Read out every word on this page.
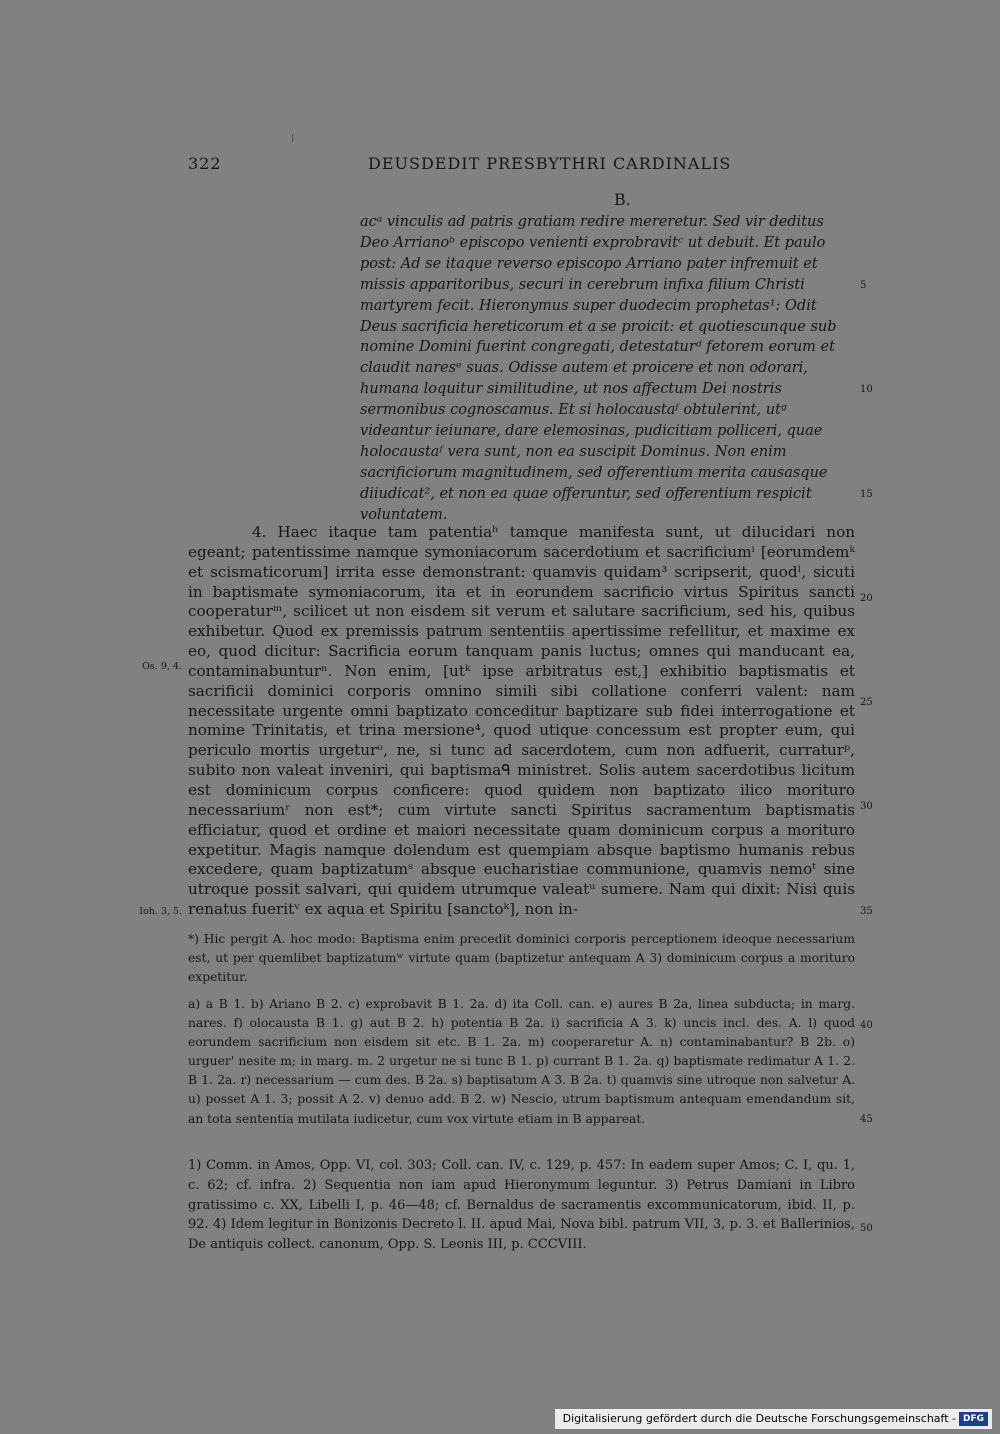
322	DEUSDEDIT PRESBYTHRI CARDINALIS
B.
acᵃ vinculis ad patris gratiam redire mereretur. Sed vir deditus Deo Arrianoᵇ episcopo venienti exprobravitᶜ ut debuit. Et paulo post: Ad se itaque reverso episcopo Arriano pater infremuit et missis apparitoribus, securi in cerebrum infixa filium Christi martyrem fecit. Hieronymus super duodecim prophetas¹: Odit Deus sacrificia hereticorum et a se proicit: et quotiescunque sub nomine Domini fuerint congregati, detestaturᵈ fetorem eorum et claudit naresᵉ suas. Odisse autem et proicere et non odorari, humana loquitur similitudine, ut nos affectum Dei nostris sermonibus cognoscamus. Et si holocaustaᶠ obtulerint, utᵍ videantur ieiunare, dare elemosinas, pudicitiam polliceri, quae holocaustaᶠ vera sunt, non ea suscipit Dominus. Non enim sacrificiorum magnitudinem, sed offerentium merita causasque diiudicat², et non ea quae offeruntur, sed offerentium respicit voluntatem.
5
10
15

4. Haec itaque tam patentiaʰ tamque manifesta sunt, ut dilucidari non egeant; patentissime namque symoniacorum sacerdotium et sacrificiumⁱ [eorumdemᵏ et scismaticorum] irrita esse demonstrant: quamvis quidam³ scripserit, quodˡ, sicuti in baptismate symoniacorum, ita et in eorundem sacrificio virtus Spiritus sancti cooperaturᵐ, scilicet ut non eisdem sit verum et salutare sacrificium, sed his, quibus exhibetur. Quod ex premissis patrum sententiis apertissime refellitur, et maxime ex eo, quod dicitur: Sacrificia eorum tanquam panis luctus; omnes qui manducant ea, contaminabunturⁿ. Non enim, [utᵏ ipse arbitratus est,] exhibitio baptismatis et sacrificii dominici corporis omnino simili sibi collatione conferri valent: nam necessitate urgente omni baptizato conceditur baptizare sub fidei interrogatione et nomine Trinitatis, et trina mersione⁴, quod utique concessum est propter eum, qui periculo mortis urgeturᵒ, ne, si tunc ad sacerdotem, cum non adfuerit, curraturᵖ, subito non valeat inveniri, qui baptismaᑫ ministret. Solis autem sacerdotibus licitum est dominicum corpus conficere: quod quidem non baptizato ilico morituro necessariumʳ non est*; cum virtute sancti Spiritus sacramentum baptismatis efficiatur, quod et ordine et maiori necessitate quam dominicum corpus a morituro expetitur. Magis namque dolendum est quempiam absque baptismo humanis rebus excedere, quam baptizatumˢ absque eucharistiae communione, quamvis nemoᵗ sine utroque possit salvari, qui quidem utrumque valeatᵘ sumere. Nam qui dixit: Nisi quis renatus fueritᵛ ex aqua et Spiritu [sanctoᵏ], non in-

20
25
30
35
Os. 9, 4.
Ioh. 3, 5.
*) Hic pergit A. hoc modo: Baptisma enim precedit dominici corporis perceptionem ideoque necessarium est, ut per quemlibet baptizatumʷ virtute quam (baptizetur antequam A 3) dominicum corpus a morituro expetitur.
a) a B 1. b) Ariano B 2. c) exprobavit B 1. 2a. d) ita Coll. can. e) aures B 2a, linea subducta; in marg. nares. f) olocausta B 1. g) aut B 2. h) potentia B 2a. i) sacrificia A 3. k) uncis incl. des. A. l) quod eorundem sacrificium non eisdem sit etc. B 1. 2a. m) cooperaretur A. n) contaminabantur? B 2b. o) urguer' nesite m; in marg. m. 2 urgetur ne si tunc B 1. p) currant B 1. 2a. q) baptismate redimatur A 1. 2. B 1. 2a. r) necessarium — cum des. B 2a. s) baptisatum A 3. B 2a. t) quamvis sine utroque non salvetur A. u) posset A 1. 3; possit A 2. v) denuo add. B 2. w) Nescio, utrum baptismum antequam emendandum sit, an tota sententia mutilata iudicetur, cum vox virtute etiam in B appareat.
40
45
50
1) Comm. in Amos, Opp. VI, col. 303; Coll. can. IV, c. 129, p. 457: In eadem super Amos; C. I, qu. 1, c. 62; cf. infra. 2) Sequentia non iam apud Hieronymum leguntur. 3) Petrus Damiani in Libro gratissimo c. XX, Libelli I, p. 46—48; cf. Bernaldus de sacramentis excommunicatorum, ibid. II, p. 92. 4) Idem legitur in Bonizonis Decreto l. II. apud Mai, Nova bibl. patrum VII, 3, p. 3. et Ballerinios, De antiquis collect. canonum, Opp. S. Leonis III, p. CCCVIII.
Digitalisierung gefördert durch die Deutsche Forschungsgemeinschaft - DFG
